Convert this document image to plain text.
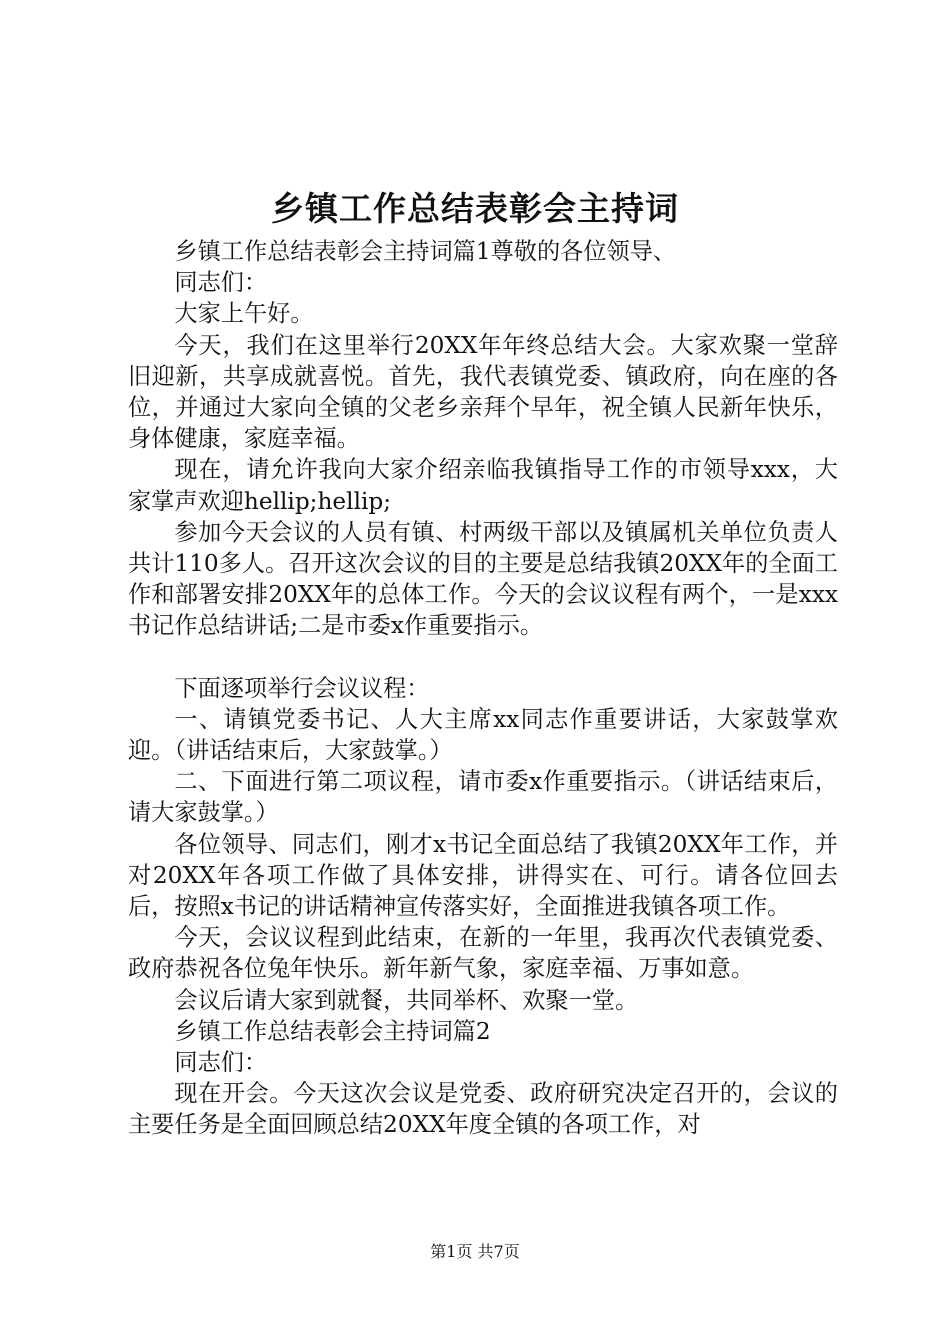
乡镇工作总结表彰会主持词

乡镇工作总结表彰会主持词篇1尊敬的各位领导、

同志们：

大家上午好。

今天，我们在这里举行20XX年年终总结大会。大家欢聚一堂辞旧迎新，共享成就喜悦。首先，我代表镇党委、镇政府，向在座的各位，并通过大家向全镇的父老乡亲拜个早年，祝全镇人民新年快乐，身体健康，家庭幸福。

现在，请允许我向大家介绍亲临我镇指导工作的市领导xxx，大家掌声欢迎hellip;hellip;

参加今天会议的人员有镇、村两级干部以及镇属机关单位负责人共计110多人。召开这次会议的目的主要是总结我镇20XX年的全面工作和部署安排20XX年的总体工作。今天的会议议程有两个，一是xxx书记作总结讲话;二是市委x作重要指示。

下面逐项举行会议议程：

一、请镇党委书记、人大主席xx同志作重要讲话，大家鼓掌欢迎。（讲话结束后，大家鼓掌。）

二、下面进行第二项议程，请市委x作重要指示。（讲话结束后，请大家鼓掌。）

各位领导、同志们，刚才x书记全面总结了我镇20XX年工作，并对20XX年各项工作做了具体安排，讲得实在、可行。请各位回去后，按照x书记的讲话精神宣传落实好，全面推进我镇各项工作。

今天，会议议程到此结束，在新的一年里，我再次代表镇党委、政府恭祝各位兔年快乐。新年新气象，家庭幸福、万事如意。

会议后请大家到就餐，共同举杯、欢聚一堂。

乡镇工作总结表彰会主持词篇2

同志们：

现在开会。今天这次会议是党委、政府研究决定召开的，会议的主要任务是全面回顾总结20XX年度全镇的各项工作，对

第1页 共7页
